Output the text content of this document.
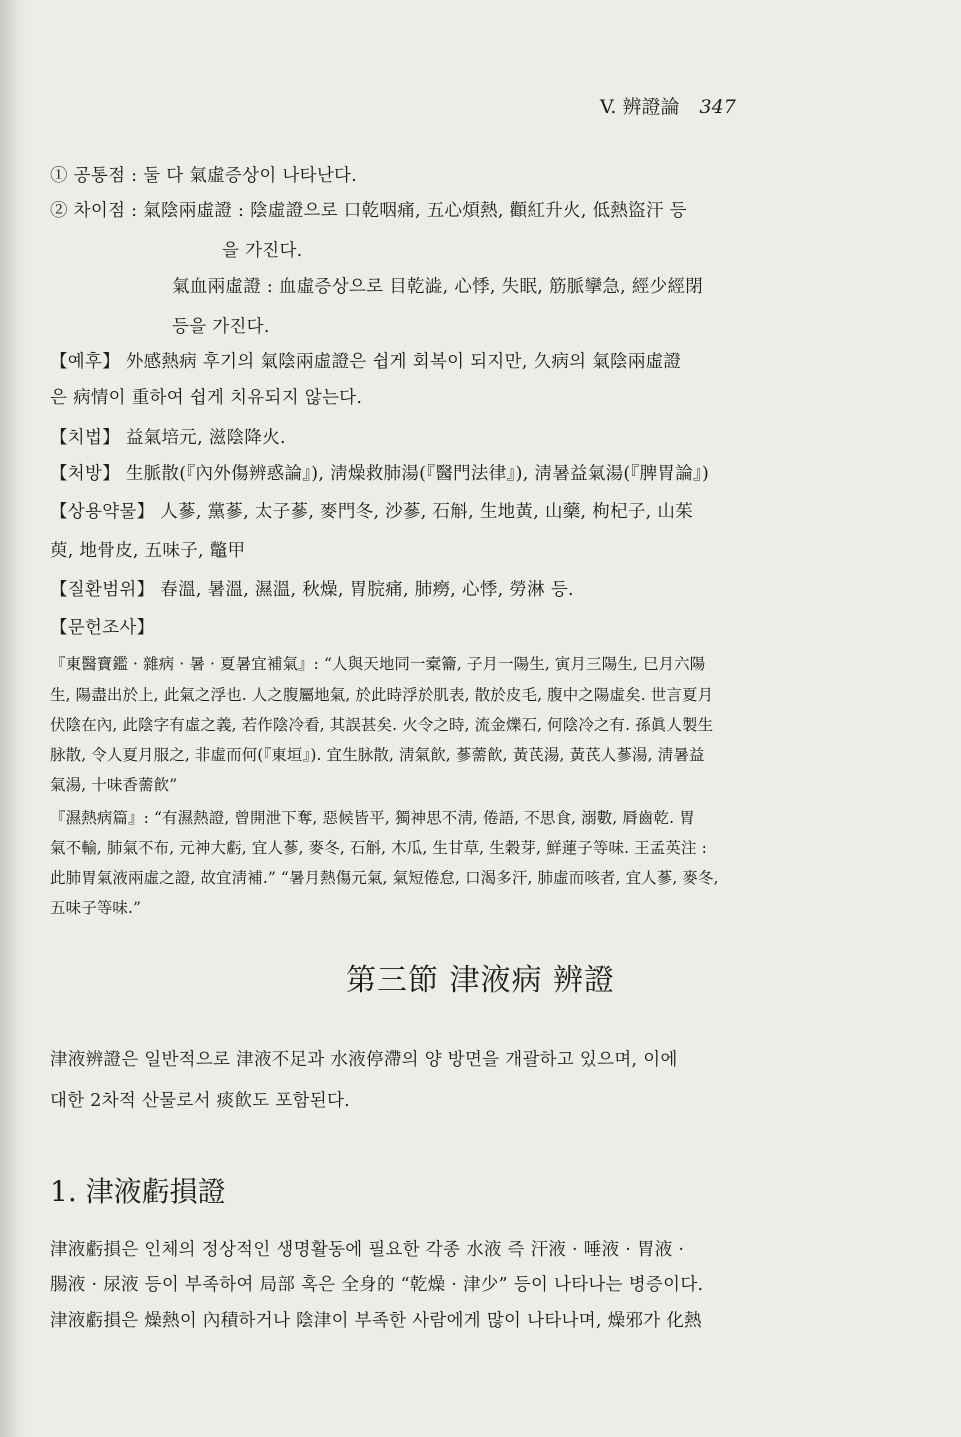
V. 辨證論 347
① 공통점 : 둘 다 氣虛증상이 나타난다.
② 차이점 : 氣陰兩虛證 : 陰虛證으로 口乾咽痛, 五心煩熱, 顴紅升火, 低熱盜汗 등
을 가진다.
氣血兩虛證 : 血虛증상으로 目乾澁, 心悸, 失眠, 筋脈攣急, 經少經閉
등을 가진다.
【예후】 外感熱病 후기의 氣陰兩虛證은 쉽게 회복이 되지만, 久病의 氣陰兩虛證
은 病情이 重하여 쉽게 치유되지 않는다.
【치법】 益氣培元, 滋陰降火.
【처방】 生脈散(『內外傷辨惑論』), 淸燥救肺湯(『醫門法律』), 淸暑益氣湯(『脾胃論』)
【상용약물】 人蔘, 黨蔘, 太子蔘, 麥門冬, 沙蔘, 石斛, 生地黃, 山藥, 枸杞子, 山茱
萸, 地骨皮, 五味子, 鼈甲
【질환범위】 春溫, 暑溫, 濕溫, 秋燥, 胃脘痛, 肺癆, 心悸, 勞淋 등.
【문헌조사】
『東醫寶鑑 · 雜病 · 暑 · 夏暑宜補氣』: “人與天地同一槖籥, 子月一陽生, 寅月三陽生, 巳月六陽
生, 陽盡出於上, 此氣之浮也. 人之腹屬地氣, 於此時浮於肌表, 散於皮毛, 腹中之陽虛矣. 世言夏月
伏陰在內, 此陰字有虛之義, 若作陰冷看, 其誤甚矣. 火令之時, 流金爍石, 何陰冷之有. 孫眞人製生
脉散, 令人夏月服之, 非虛而何(『東垣』). 宜生脉散, 淸氣飮, 蔘薷飮, 黃芪湯, 黃芪人蔘湯, 淸暑益
氣湯, 十味香薷飮”
『濕熱病篇』: “有濕熱證, 曾開泄下奪, 惡候皆平, 獨神思不淸, 倦語, 不思食, 溺數, 脣齒乾. 胃
氣不輸, 肺氣不布, 元神大虧, 宜人蔘, 麥冬, 石斛, 木瓜, 生甘草, 生穀芽, 鮮蓮子等味. 王孟英注 :
此肺胃氣液兩虛之證, 故宜淸補.” “暑月熱傷元氣, 氣短倦怠, 口渴多汗, 肺虛而咳者, 宜人蔘, 麥冬,
五味子等味.”
第三節 津液病 辨證
津液辨證은 일반적으로 津液不足과 水液停滯의 양 방면을 개괄하고 있으며, 이에
대한 2차적 산물로서 痰飮도 포함된다.
1. 津液虧損證
津液虧損은 인체의 정상적인 생명활동에 필요한 각종 水液 즉 汗液 · 唾液 · 胃液 ·
腸液 · 尿液 등이 부족하여 局部 혹은 全身的 “乾燥 · 津少” 등이 나타나는 병증이다.
津液虧損은 燥熱이 內積하거나 陰津이 부족한 사람에게 많이 나타나며, 燥邪가 化熱
